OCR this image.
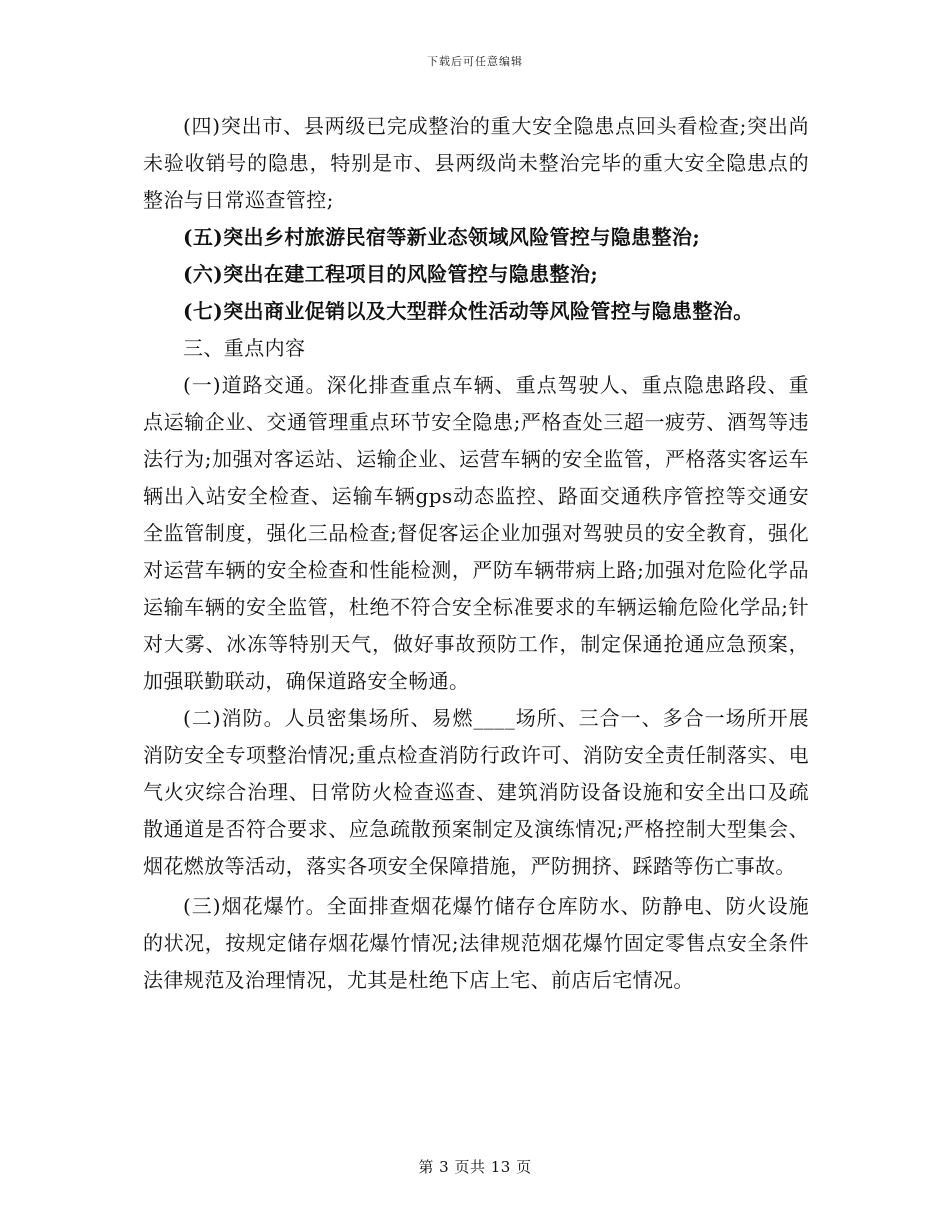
下载后可任意编辑

(四)突出市、县两级已完成整治的重大安全隐患点回头看检查;突出尚未验收销号的隐患，特别是市、县两级尚未整治完毕的重大安全隐患点的整治与日常巡查管控;

(五)突出乡村旅游民宿等新业态领域风险管控与隐患整治;

(六)突出在建工程项目的风险管控与隐患整治;

(七)突出商业促销以及大型群众性活动等风险管控与隐患整治。

三、重点内容

(一)道路交通。深化排查重点车辆、重点驾驶人、重点隐患路段、重点运输企业、交通管理重点环节安全隐患;严格查处三超一疲劳、酒驾等违法行为;加强对客运站、运输企业、运营车辆的安全监管，严格落实客运车辆出入站安全检查、运输车辆gps动态监控、路面交通秩序管控等交通安全监管制度，强化三品检查;督促客运企业加强对驾驶员的安全教育，强化对运营车辆的安全检查和性能检测，严防车辆带病上路;加强对危险化学品运输车辆的安全监管，杜绝不符合安全标准要求的车辆运输危险化学品;针对大雾、冰冻等特别天气，做好事故预防工作，制定保通抢通应急预案，加强联勤联动，确保道路安全畅通。

(二)消防。人员密集场所、易燃____场所、三合一、多合一场所开展消防安全专项整治情况;重点检查消防行政许可、消防安全责任制落实、电气火灾综合治理、日常防火检查巡查、建筑消防设备设施和安全出口及疏散通道是否符合要求、应急疏散预案制定及演练情况;严格控制大型集会、烟花燃放等活动，落实各项安全保障措施，严防拥挤、踩踏等伤亡事故。

(三)烟花爆竹。全面排查烟花爆竹储存仓库防水、防静电、防火设施的状况，按规定储存烟花爆竹情况;法律规范烟花爆竹固定零售点安全条件法律规范及治理情况，尤其是杜绝下店上宅、前店后宅情况。

第 3 页共 13 页
